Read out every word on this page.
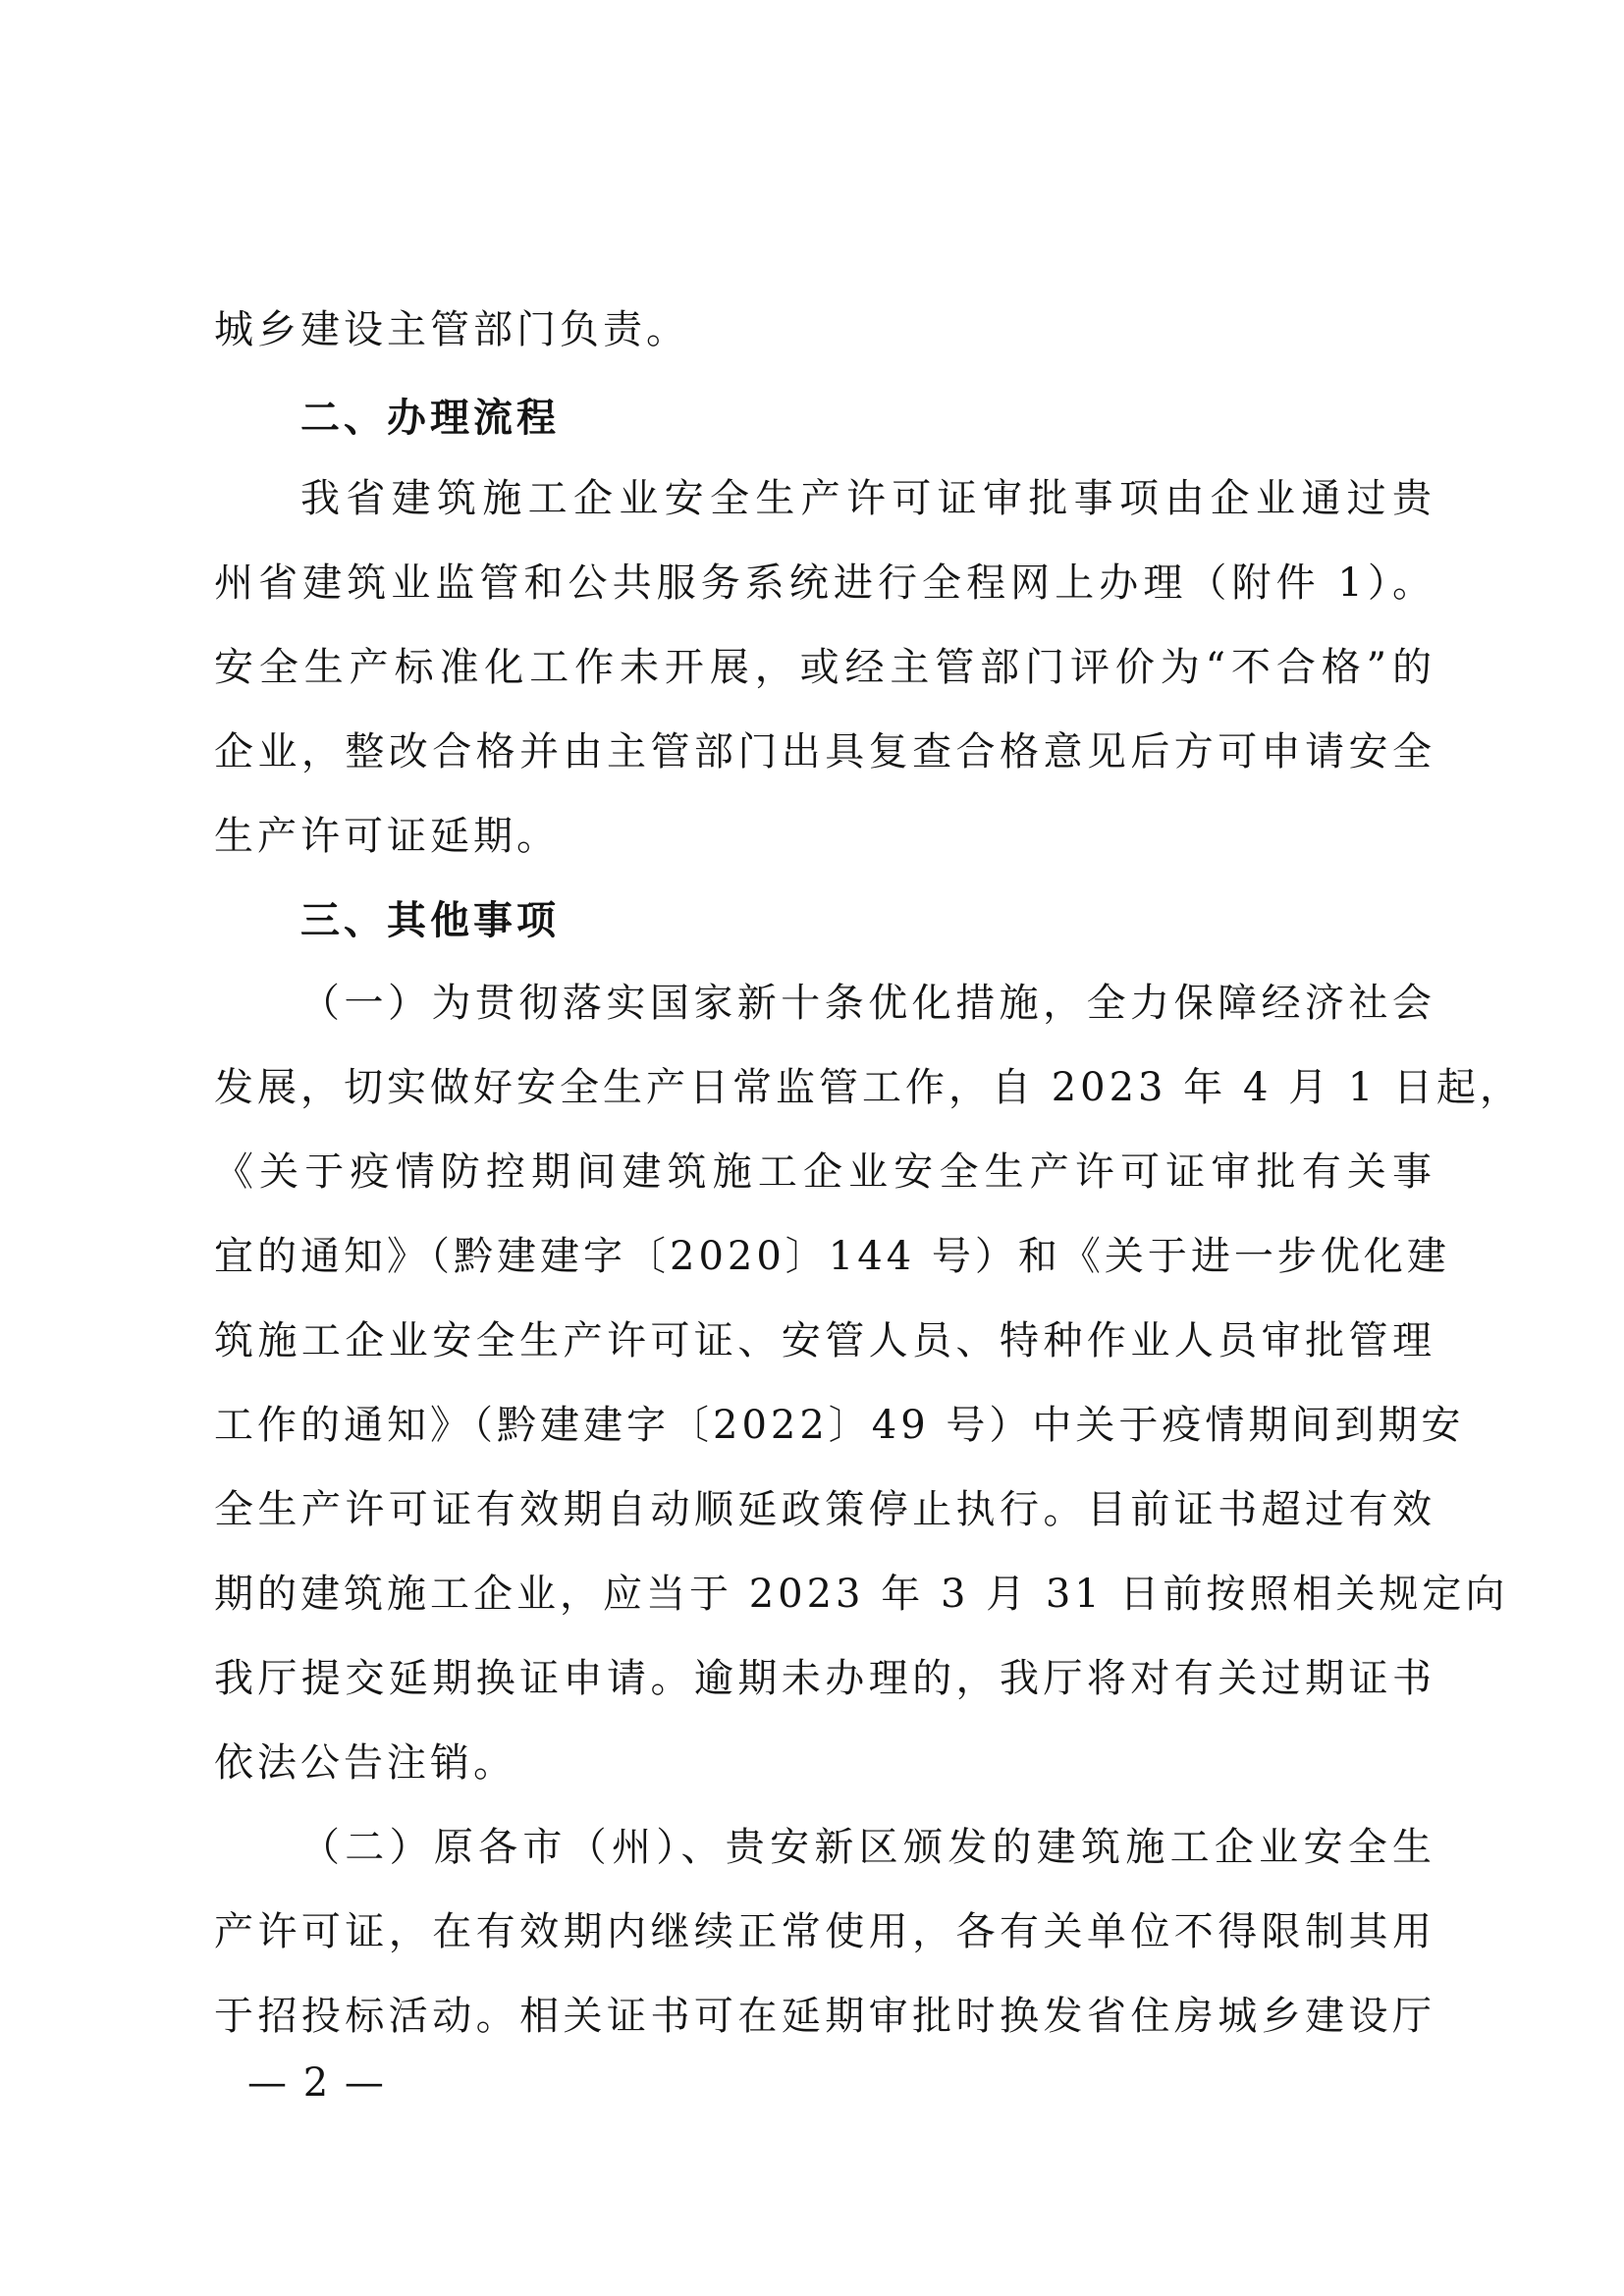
城乡建设主管部门负责。
二、办理流程
我省建筑施工企业安全生产许可证审批事项由企业通过贵
州省建筑业监管和公共服务系统进行全程网上办理（附件 1）。
安全生产标准化工作未开展，或经主管部门评价为“不合格”的
企业，整改合格并由主管部门出具复查合格意见后方可申请安全
生产许可证延期。
三、其他事项
（一）为贯彻落实国家新十条优化措施，全力保障经济社会
发展，切实做好安全生产日常监管工作，自 2023 年 4 月 1 日起，
《关于疫情防控期间建筑施工企业安全生产许可证审批有关事
宜的通知》（黔建建字〔2020〕144 号）和《关于进一步优化建
筑施工企业安全生产许可证、安管人员、特种作业人员审批管理
工作的通知》（黔建建字〔2022〕49 号）中关于疫情期间到期安
全生产许可证有效期自动顺延政策停止执行。目前证书超过有效
期的建筑施工企业，应当于 2023 年 3 月 31 日前按照相关规定向
我厅提交延期换证申请。逾期未办理的，我厅将对有关过期证书
依法公告注销。
（二）原各市（州）、贵安新区颁发的建筑施工企业安全生
产许可证，在有效期内继续正常使用，各有关单位不得限制其用
于招投标活动。相关证书可在延期审批时换发省住房城乡建设厅
— 2 —
